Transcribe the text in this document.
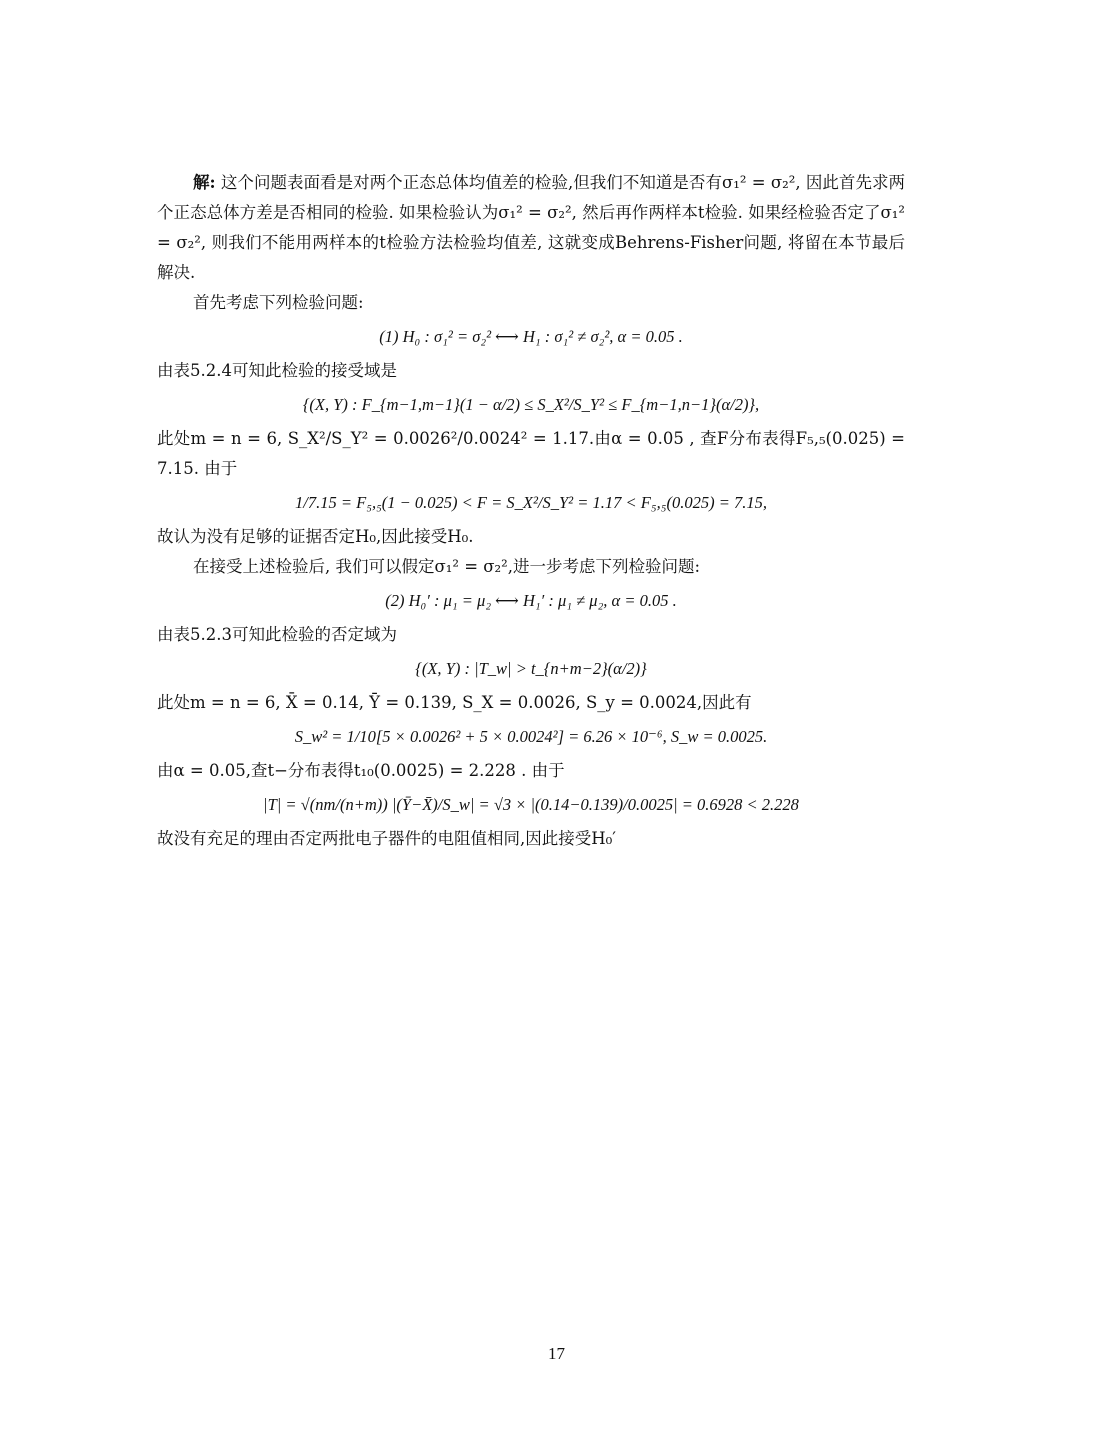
解: 这个问题表面看是对两个正态总体均值差的检验,但我们不知道是否有σ₁² = σ₂², 因此首先求两个正态总体方差是否相同的检验. 如果检验认为σ₁² = σ₂², 然后再作两样本t检验. 如果经检验否定了σ₁² = σ₂², 则我们不能用两样本的t检验方法检验均值差, 这就变成Behrens-Fisher问题, 将留在本节最后解决.

首先考虑下列检验问题:

(1) H₀ : σ₁² = σ₂² ⟷ H₁ : σ₁² ≠ σ₂², α = 0.05 .

由表5.2.4可知此检验的接受域是

{(X, Y) : F_{m−1,m−1}(1 − α/2) ≤ S_X²/S_Y² ≤ F_{m−1,n−1}(α/2)},

此处m = n = 6, S_X²/S_Y² = 0.0026²/0.0024² = 1.17.由α = 0.05 , 查F分布表得F₅,₅(0.025) = 7.15. 由于

1/7.15 = F₅,₅(1 − 0.025) < F = S_X²/S_Y² = 1.17 < F₅,₅(0.025) = 7.15,

故认为没有足够的证据否定H₀,因此接受H₀.

在接受上述检验后, 我们可以假定σ₁² = σ₂²,进一步考虑下列检验问题:

(2) H₀′ : μ₁ = μ₂ ⟷ H₁′ : μ₁ ≠ μ₂, α = 0.05 .

由表5.2.3可知此检验的否定域为

{(X, Y) : |T_w| > t_{n+m−2}(α/2)}

此处m = n = 6, X̄ = 0.14, Ȳ = 0.139, S_X = 0.0026, S_y = 0.0024,因此有

S_w² = 1/10[5 × 0.0026² + 5 × 0.0024²] = 6.26 × 10⁻⁶, S_w = 0.0025.

由α = 0.05,查t−分布表得t₁₀(0.0025) = 2.228 . 由于

|T| = √(nm/(n+m)) |(Ȳ−X̄)/S_w| = √3 × |(0.14−0.139)/0.0025| = 0.6928 < 2.228

故没有充足的理由否定两批电子器件的电阻值相同,因此接受H₀′

17
